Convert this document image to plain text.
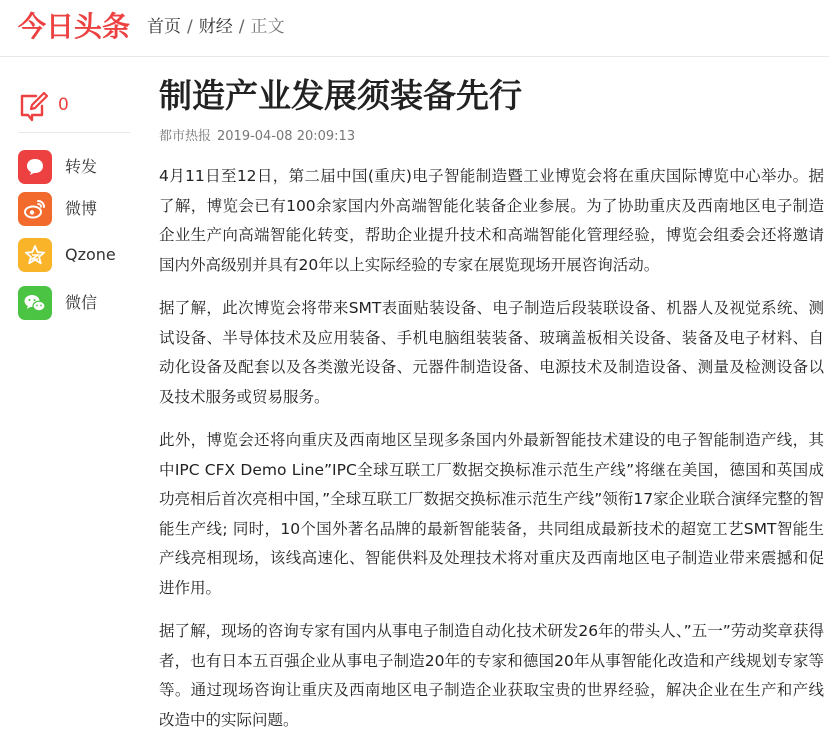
今日头条 首页 / 财经 / 正文
0
转发
微博
Qzone
微信
制造产业发展须装备先行
都市热报 2019-04-08 20:09:13

4月11日至12日，第二届中国(重庆)电子智能制造暨工业博览会将在重庆国际博览中心举办。据了解，博览会已有100余家国内外高端智能化装备企业参展。为了协助重庆及西南地区电子制造企业生产向高端智能化转变，帮助企业提升技术和高端智能化管理经验，博览会组委会还将邀请国内外高级别并具有20年以上实际经验的专家在展览现场开展咨询活动。

据了解，此次博览会将带来SMT表面贴装设备、电子制造后段装联设备、机器人及视觉系统、测试设备、半导体技术及应用装备、手机电脑组装装备、玻璃盖板相关设备、装备及电子材料、自动化设备及配套以及各类激光设备、元器件制造设备、电源技术及制造设备、测量及检测设备以及技术服务或贸易服务。

此外，博览会还将向重庆及西南地区呈现多条国内外最新智能技术建设的电子智能制造产线，其中IPC CFX Demo Line”IPC全球互联工厂数据交换标准示范生产线”将继在美国，德国和英国成功亮相后首次亮相中国，”全球互联工厂数据交换标准示范生产线”领衔17家企业联合演绎完整的智能生产线; 同时，10个国外著名品牌的最新智能装备，共同组成最新技术的超宽工艺SMT智能生产线亮相现场，该线高速化、智能供料及处理技术将对重庆及西南地区电子制造业带来震撼和促进作用。

据了解，现场的咨询专家有国内从事电子制造自动化技术研发26年的带头人、”五一”劳动奖章获得者，也有日本五百强企业从事电子制造20年的专家和德国20年从事智能化改造和产线规划专家等等。通过现场咨询让重庆及西南地区电子制造企业获取宝贵的世界经验，解决企业在生产和产线改造中的实际问题。
